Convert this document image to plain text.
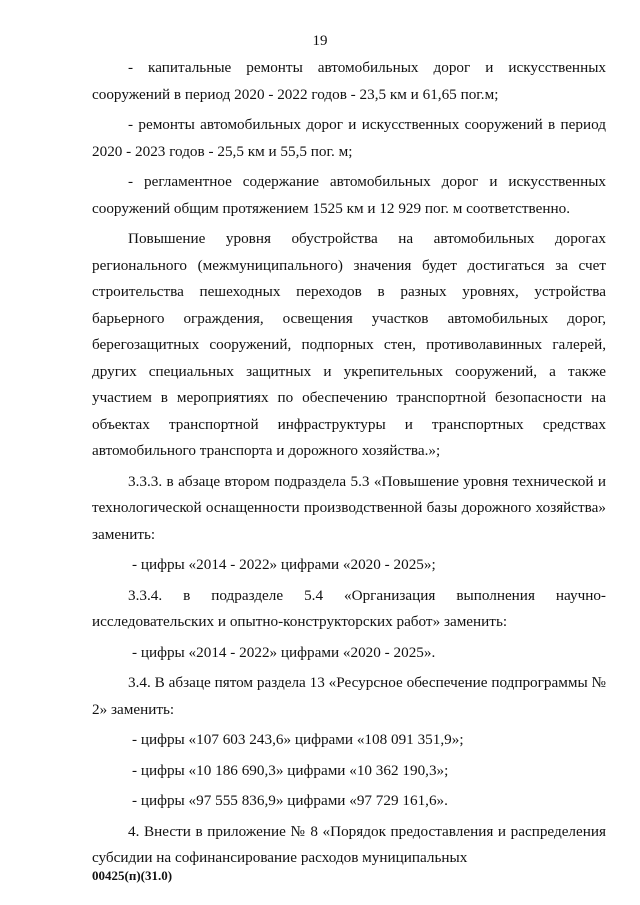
19

- капитальные ремонты автомобильных дорог и искусственных сооружений в период 2020 - 2022 годов - 23,5 км и 61,65 пог.м;

- ремонты автомобильных дорог и искусственных сооружений в период 2020 - 2023 годов - 25,5 км и 55,5 пог. м;

- регламентное содержание автомобильных дорог и искусственных сооружений общим протяжением 1525 км и 12 929 пог. м соответственно.

Повышение уровня обустройства на автомобильных дорогах регионального (межмуниципального) значения будет достигаться за счет строительства пешеходных переходов в разных уровнях, устройства барьерного ограждения, освещения участков автомобильных дорог, берегозащитных сооружений, подпорных стен, противолавинных галерей, других специальных защитных и укрепительных сооружений, а также участием в мероприятиях по обеспечению транспортной безопасности на объектах транспортной инфраструктуры и транспортных средствах автомобильного транспорта и дорожного хозяйства.»;

3.3.3. в абзаце втором подраздела 5.3 «Повышение уровня технической и технологической оснащенности производственной базы дорожного хозяйства» заменить:

- цифры «2014 - 2022» цифрами «2020 - 2025»;

3.3.4. в подразделе 5.4 «Организация выполнения научно-исследовательских и опытно-конструкторских работ» заменить:

- цифры «2014 - 2022» цифрами «2020 - 2025».

3.4. В абзаце пятом раздела 13 «Ресурсное обеспечение подпрограммы № 2» заменить:

- цифры «107 603 243,6» цифрами «108 091 351,9»;

- цифры «10 186 690,3» цифрами «10 362 190,3»;

- цифры «97 555 836,9» цифрами «97 729 161,6».

4. Внести в приложение № 8 «Порядок предоставления и распределения субсидии на софинансирование расходов муниципальных

00425(п)(31.0)
